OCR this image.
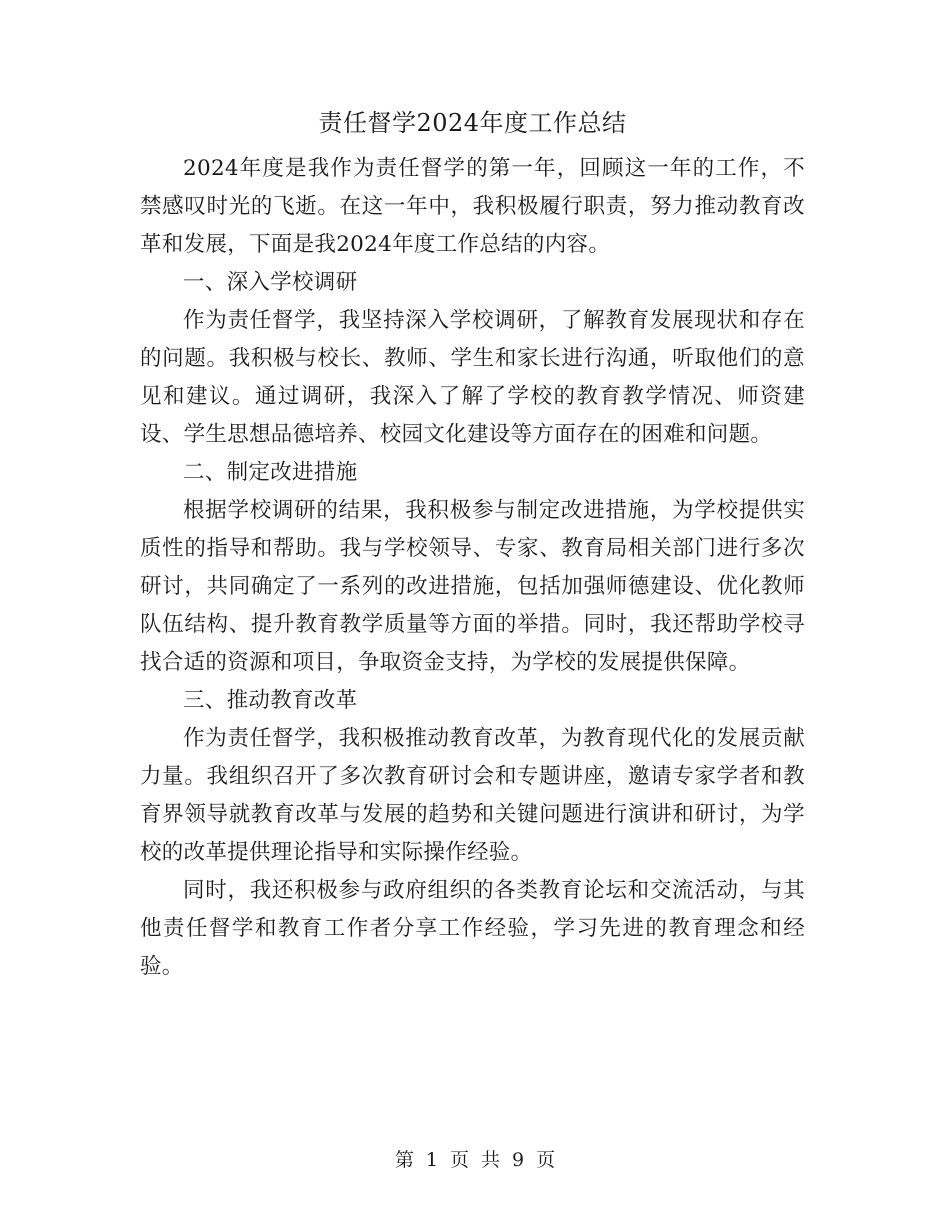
责任督学2024年度工作总结

2024年度是我作为责任督学的第一年，回顾这一年的工作，不禁感叹时光的飞逝。在这一年中，我积极履行职责，努力推动教育改革和发展，下面是我2024年度工作总结的内容。

一、深入学校调研

作为责任督学，我坚持深入学校调研，了解教育发展现状和存在的问题。我积极与校长、教师、学生和家长进行沟通，听取他们的意见和建议。通过调研，我深入了解了学校的教育教学情况、师资建设、学生思想品德培养、校园文化建设等方面存在的困难和问题。

二、制定改进措施

根据学校调研的结果，我积极参与制定改进措施，为学校提供实质性的指导和帮助。我与学校领导、专家、教育局相关部门进行多次研讨，共同确定了一系列的改进措施，包括加强师德建设、优化教师队伍结构、提升教育教学质量等方面的举措。同时，我还帮助学校寻找合适的资源和项目，争取资金支持，为学校的发展提供保障。

三、推动教育改革

作为责任督学，我积极推动教育改革，为教育现代化的发展贡献力量。我组织召开了多次教育研讨会和专题讲座，邀请专家学者和教育界领导就教育改革与发展的趋势和关键问题进行演讲和研讨，为学校的改革提供理论指导和实际操作经验。

同时，我还积极参与政府组织的各类教育论坛和交流活动，与其他责任督学和教育工作者分享工作经验，学习先进的教育理念和经验。

第 1 页 共 9 页
